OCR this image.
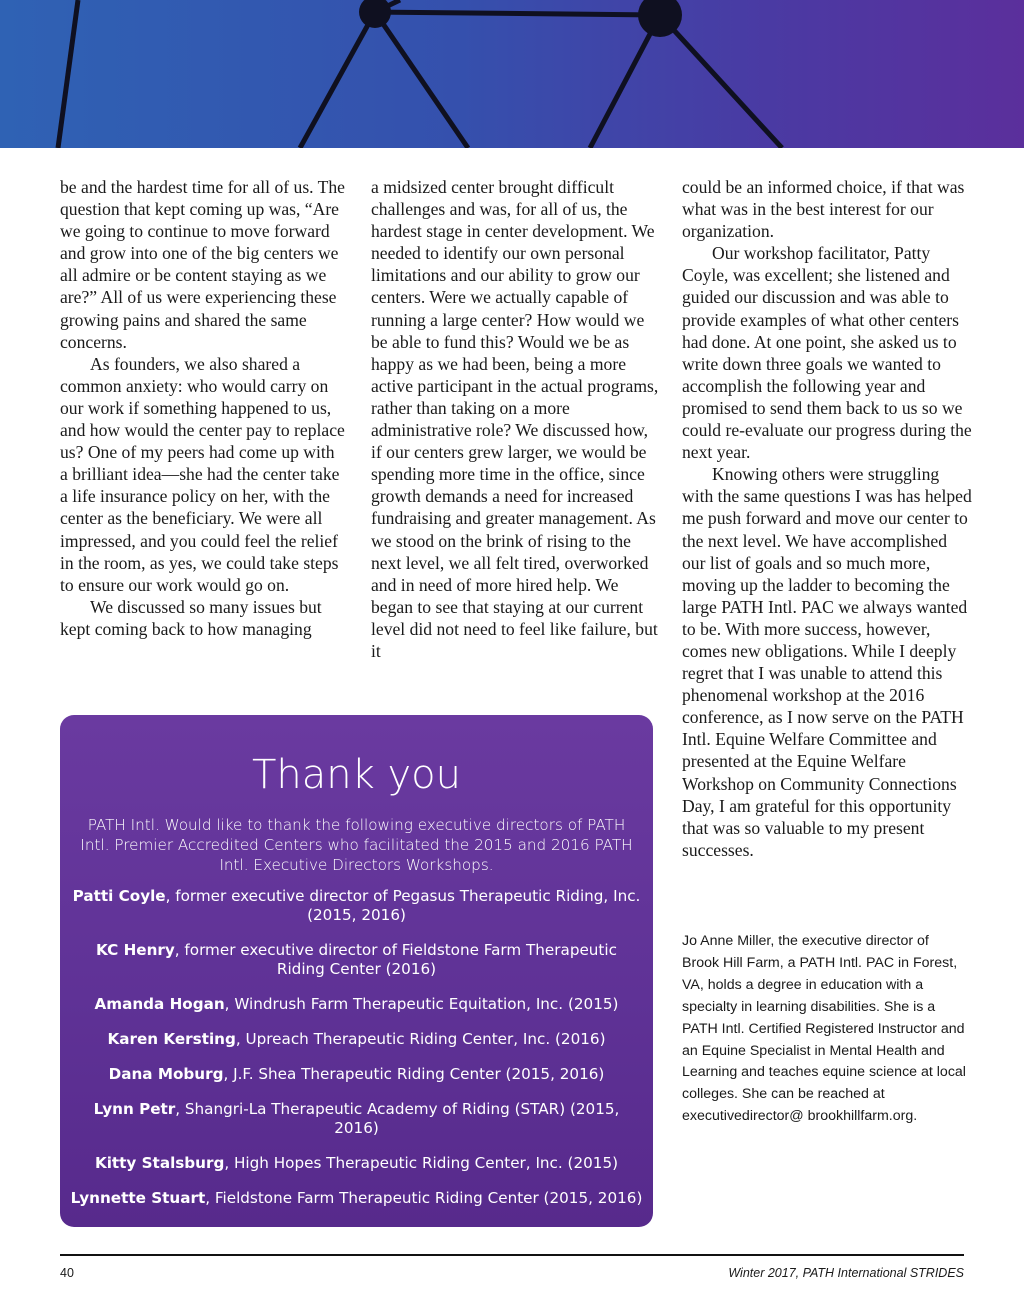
be and the hardest time for all of us. The question that kept coming up was, “Are we going to continue to move forward and grow into one of the big centers we all admire or be content staying as we are?” All of us were experiencing these growing pains and shared the same concerns.

As founders, we also shared a common anxiety: who would carry on our work if something happened to us, and how would the center pay to replace us? One of my peers had come up with a brilliant idea—she had the center take a life insurance policy on her, with the center as the beneficiary. We were all impressed, and you could feel the relief in the room, as yes, we could take steps to ensure our work would go on.

We discussed so many issues but kept coming back to how managing

a midsized center brought difficult challenges and was, for all of us, the hardest stage in center development. We needed to identify our own personal limitations and our ability to grow our centers. Were we actually capable of running a large center? How would we be able to fund this? Would we be as happy as we had been, being a more active participant in the actual programs, rather than taking on a more administrative role? We discussed how, if our centers grew larger, we would be spending more time in the office, since growth demands a need for increased fundraising and greater management. As we stood on the brink of rising to the next level, we all felt tired, overworked and in need of more hired help. We began to see that staying at our current level did not need to feel like failure, but it

could be an informed choice, if that was what was in the best interest for our organization.

Our workshop facilitator, Patty Coyle, was excellent; she listened and guided our discussion and was able to provide examples of what other centers had done. At one point, she asked us to write down three goals we wanted to accomplish the following year and promised to send them back to us so we could re-evaluate our progress during the next year.

Knowing others were struggling with the same questions I was has helped me push forward and move our center to the next level. We have accomplished our list of goals and so much more, moving up the ladder to becoming the large PATH Intl. PAC we always wanted to be. With more success, however, comes new obligations. While I deeply regret that I was unable to attend this phenomenal workshop at the 2016 conference, as I now serve on the PATH Intl. Equine Welfare Committee and presented at the Equine Welfare Workshop on Community Connections Day, I am grateful for this opportunity that was so valuable to my present successes.

Thank you

PATH Intl. Would like to thank the following executive directors of PATH Intl. Premier Accredited Centers who facilitated the 2015 and 2016 PATH Intl. Executive Directors Workshops.

Patti Coyle, former executive director of Pegasus Therapeutic Riding, Inc. (2015, 2016)

KC Henry, former executive director of Fieldstone Farm Therapeutic Riding Center (2016)

Amanda Hogan, Windrush Farm Therapeutic Equitation, Inc. (2015)

Karen Kersting, Upreach Therapeutic Riding Center, Inc. (2016)

Dana Moburg, J.F. Shea Therapeutic Riding Center (2015, 2016)

Lynn Petr, Shangri-La Therapeutic Academy of Riding (STAR) (2015, 2016)

Kitty Stalsburg, High Hopes Therapeutic Riding Center, Inc. (2015)

Lynnette Stuart, Fieldstone Farm Therapeutic Riding Center (2015, 2016)

Jo Anne Miller, the executive director of Brook Hill Farm, a PATH Intl. PAC in Forest, VA, holds a degree in education with a specialty in learning disabilities. She is a PATH Intl. Certified Registered Instructor and an Equine Specialist in Mental Health and Learning and teaches equine science at local colleges. She can be reached at executivedirector@ brookhillfarm.org.

40	Winter 2017, PATH International STRIDES
